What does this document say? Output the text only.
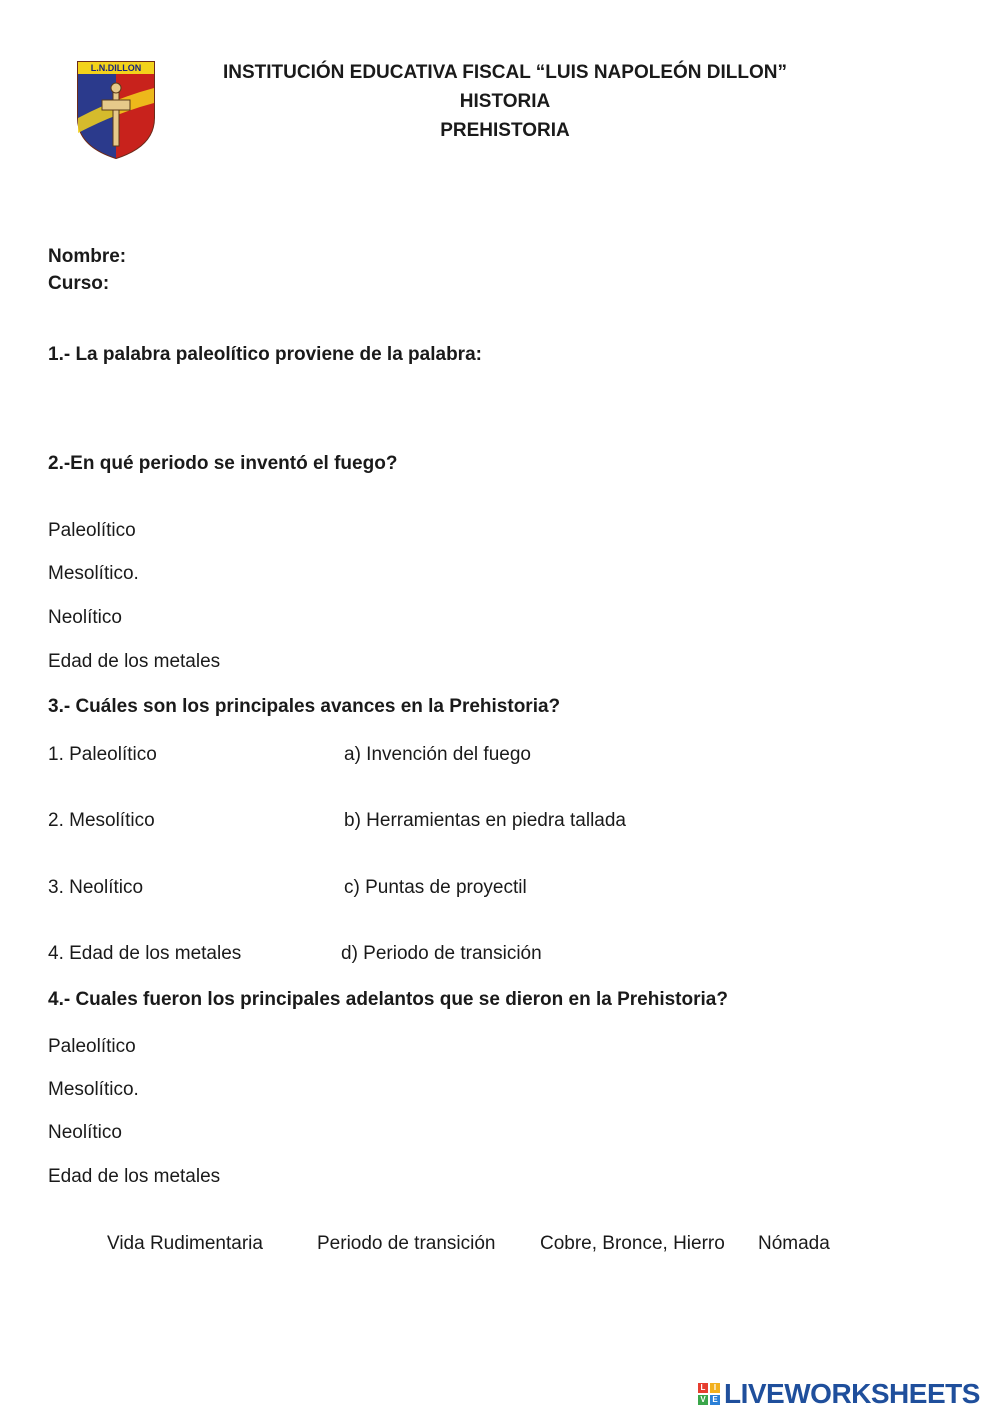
L.N.DILLON	INSTITUCIÓN EDUCATIVA FISCAL “LUIS NAPOLEÓN DILLON”
HISTORIA
PREHISTORIA
Nombre:
Curso:
1.- La palabra paleolítico proviene de la palabra:
2.-En qué periodo se inventó el fuego?
Paleolítico
Mesolítico.
Neolítico
Edad de los metales
3.- Cuáles son los principales avances en la Prehistoria?
1. Paleolítico	a) Invención del fuego
2. Mesolítico	b) Herramientas en piedra tallada
3. Neolítico	c) Puntas de proyectil
4. Edad de los metales	d) Periodo de transición
4.- Cuales fueron los principales adelantos que se dieron en la Prehistoria?
Paleolítico
Mesolítico.
Neolítico
Edad de los metales
Vida Rudimentaria	Periodo de transición Cobre, Bronce, Hierro Nómada
L	I
V E LIVEWORKSHEETS
